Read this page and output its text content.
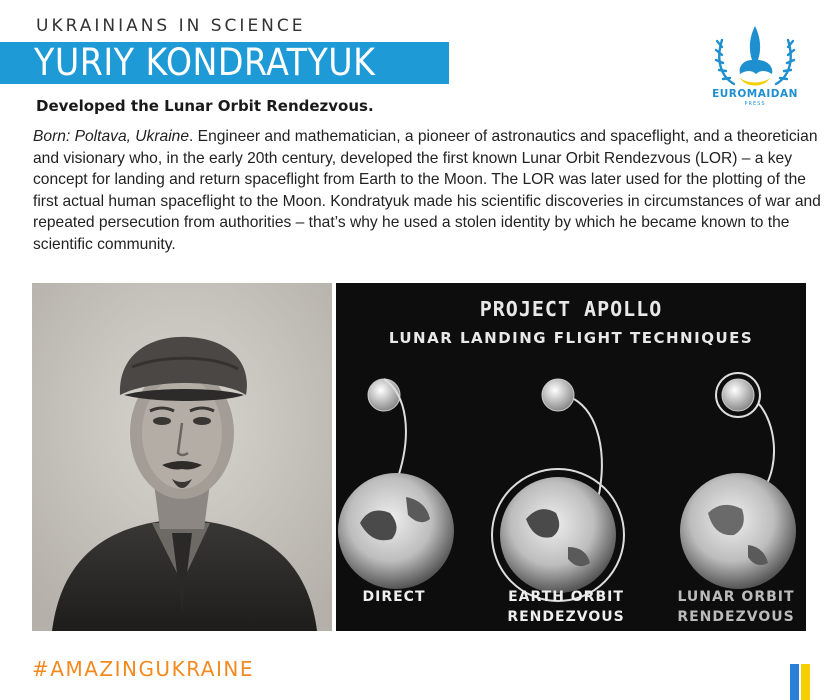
UKRAINIANS IN SCIENCE
YURIY KONDRATYUK
EUROMAIDAN
PRESS
Developed the Lunar Orbit Rendezvous.
Born: Poltava, Ukraine. Engineer and mathematician, a pioneer of astronautics and spaceflight, and a theoretician and visionary who, in the early 20th century, developed the first known Lunar Orbit Rendezvous (LOR) – a key concept for landing and return spaceflight from Earth to the Moon. The LOR was later used for the plotting of the first actual human spaceflight to the Moon. Kondratyuk made his scientific discoveries in circumstances of war and repeated persecution from authorities – that’s why he used a stolen identity by which he became known to the scientific community.
PROJECT APOLLO
LUNAR LANDING FLIGHT TECHNIQUES
DIRECT	EARTH ORBIT
RENDEZVOUS
LUNAR ORBIT
RENDEZVOUS
#AMAZINGUKRAINE
